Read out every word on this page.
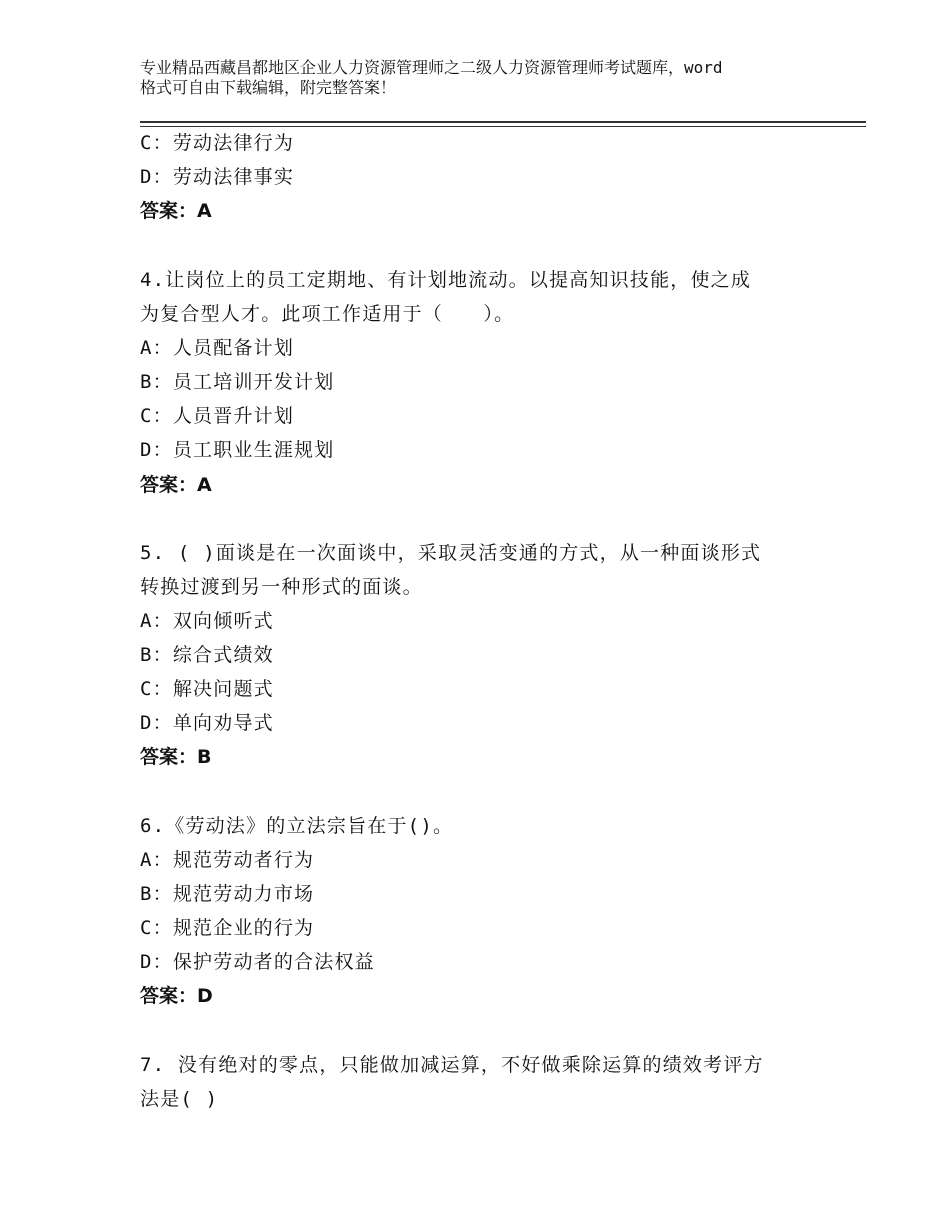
专业精品西藏昌都地区企业人力资源管理师之二级人力资源管理师考试题库，word
格式可自由下载编辑，附完整答案！
C：劳动法律行为
D：劳动法律事实
答案：A
4.让岗位上的员工定期地、有计划地流动。以提高知识技能，使之成
为复合型人才。此项工作适用于（　　）。
A：人员配备计划
B：员工培训开发计划
C：人员晋升计划
D：员工职业生涯规划
答案：A
5. ( )面谈是在一次面谈中，采取灵活变通的方式，从一种面谈形式
转换过渡到另一种形式的面谈。
A：双向倾听式
B：综合式绩效
C：解决问题式
D：单向劝导式
答案：B
6.《劳动法》的立法宗旨在于()。
A：规范劳动者行为
B：规范劳动力市场
C：规范企业的行为
D：保护劳动者的合法权益
答案：D
7. 没有绝对的零点，只能做加减运算，不好做乘除运算的绩效考评方
法是( )
